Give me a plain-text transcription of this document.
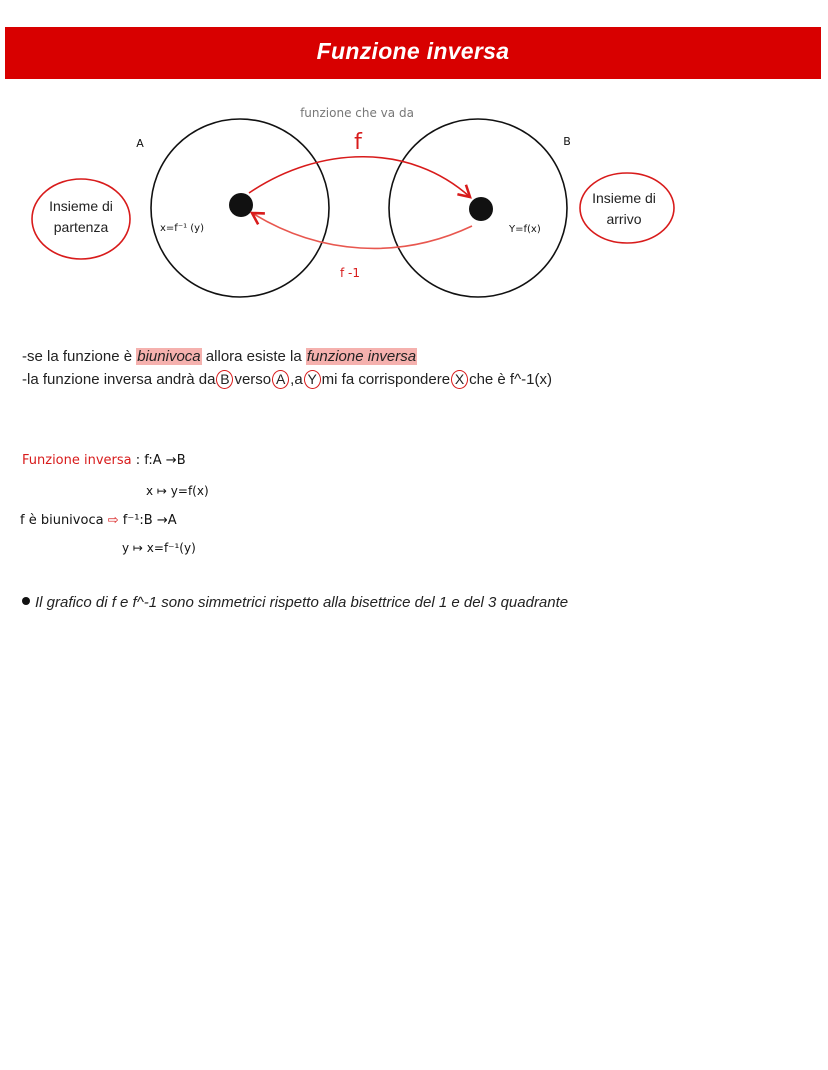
Funzione inversa
funzione che va da
f
A	B
f -1
x=f⁻¹ (y)	Y=f(x)
Insieme di
partenza
Insieme di
arrivo
-se la funzione è biunivoca allora esiste la funzione inversa
-la funzione inversa andrà da B verso A ,a Y mi fa corrispondere X che è f^-1(x)
Funzione inversa : f:A →B
x ↦ y=f(x)
f è biunivoca ⇨ f⁻¹:B →A
y ↦ x=f⁻¹(y)
Il grafico di f e f^-1 sono simmetrici rispetto alla bisettrice del 1 e del 3 quadrante
